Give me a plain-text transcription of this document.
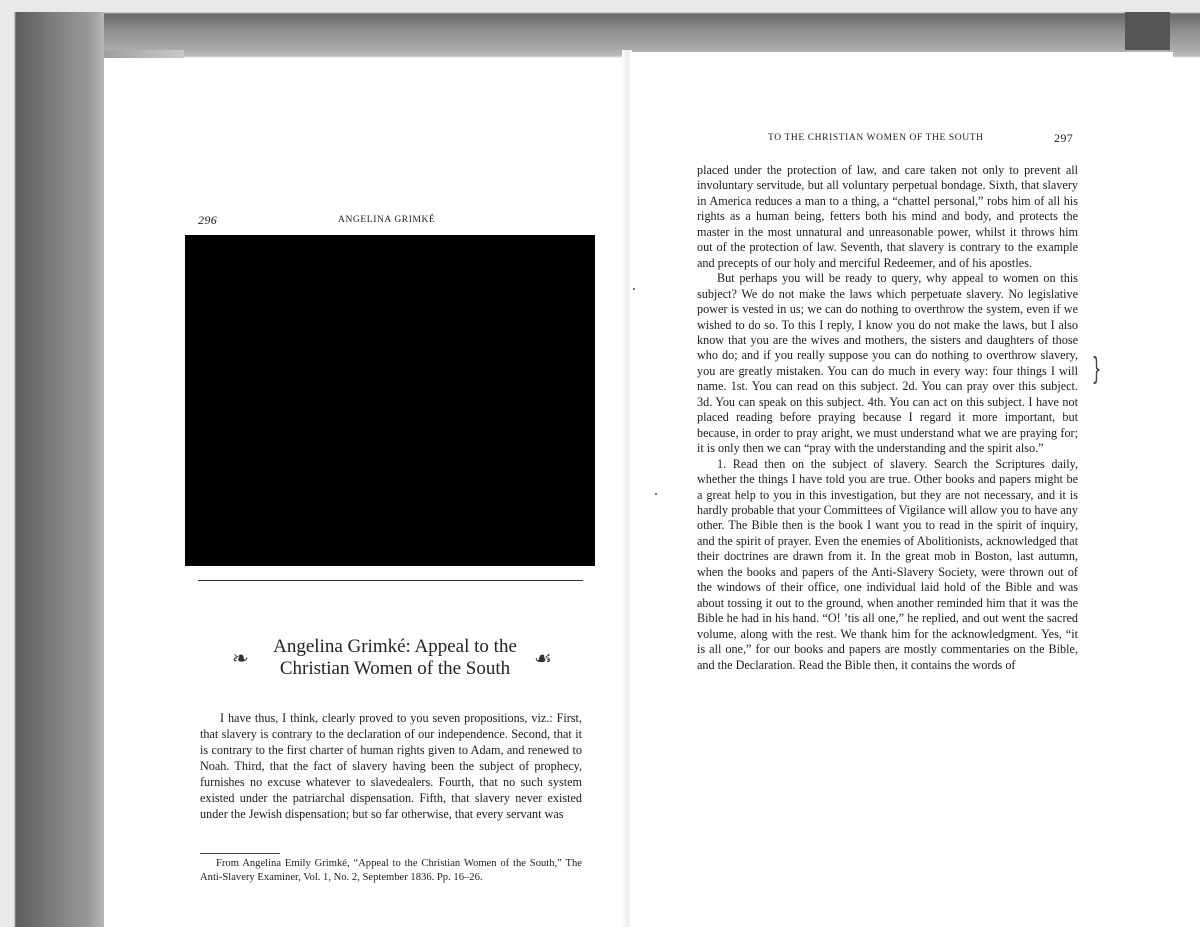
296	ANGELINA GRIMKÉ
❧	☙
Angelina Grimké: Appeal to the
Christian Women of the South

I have thus, I think, clearly proved to you seven propositions, viz.: First, that slavery is contrary to the declaration of our independence. Second, that it is contrary to the first charter of human rights given to Adam, and renewed to Noah. Third, that the fact of slavery having been the subject of prophecy, furnishes no excuse whatever to slavedealers. Fourth, that no such system existed under the patriarchal dispensation. Fifth, that slavery never existed under the Jewish dispensation; but so far otherwise, that every servant was

From Angelina Emily Grimké, “Appeal to the Christian Women of the South,” The Anti-Slavery Examiner, Vol. 1, No. 2, September 1836. Pp. 16–26.

TO THE CHRISTIAN WOMEN OF THE SOUTH	297

placed under the protection of law, and care taken not only to prevent all involuntary servitude, but all voluntary perpetual bondage. Sixth, that slavery in America reduces a man to a thing, a “chattel personal,” robs him of all his rights as a human being, fetters both his mind and body, and protects the master in the most unnatural and unreasonable power, whilst it throws him out of the protection of law. Seventh, that slavery is contrary to the example and precepts of our holy and merciful Redeemer, and of his apostles.

But perhaps you will be ready to query, why appeal to women on this subject? We do not make the laws which perpetuate slavery. No legislative power is vested in us; we can do nothing to overthrow the system, even if we wished to do so. To this I reply, I know you do not make the laws, but I also know that you are the wives and mothers, the sisters and daughters of those who do; and if you really suppose you can do nothing to overthrow slavery, you are greatly mistaken. You can do much in every way: four things I will name. 1st. You can read on this subject. 2d. You can pray over this subject. 3d. You can speak on this subject. 4th. You can act on this subject. I have not placed reading before praying because I regard it more important, but because, in order to pray aright, we must understand what we are praying for; it is only then we can “pray with the understanding and the spirit also.”

1. Read then on the subject of slavery. Search the Scriptures daily, whether the things I have told you are true. Other books and papers might be a great help to you in this investigation, but they are not necessary, and it is hardly probable that your Committees of Vigilance will allow you to have any other. The Bible then is the book I want you to read in the spirit of inquiry, and the spirit of prayer. Even the enemies of Abolitionists, acknowledged that their doctrines are drawn from it. In the great mob in Boston, last autumn, when the books and papers of the Anti-Slavery Society, were thrown out of the windows of their office, one individual laid hold of the Bible and was about tossing it out to the ground, when another reminded him that it was the Bible he had in his hand. “O! ’tis all one,” he replied, and out went the sacred volume, along with the rest. We thank him for the acknowledgment. Yes, “it is all one,” for our books and papers are mostly commentaries on the Bible, and the Declaration. Read the Bible then, it contains the words of

}
